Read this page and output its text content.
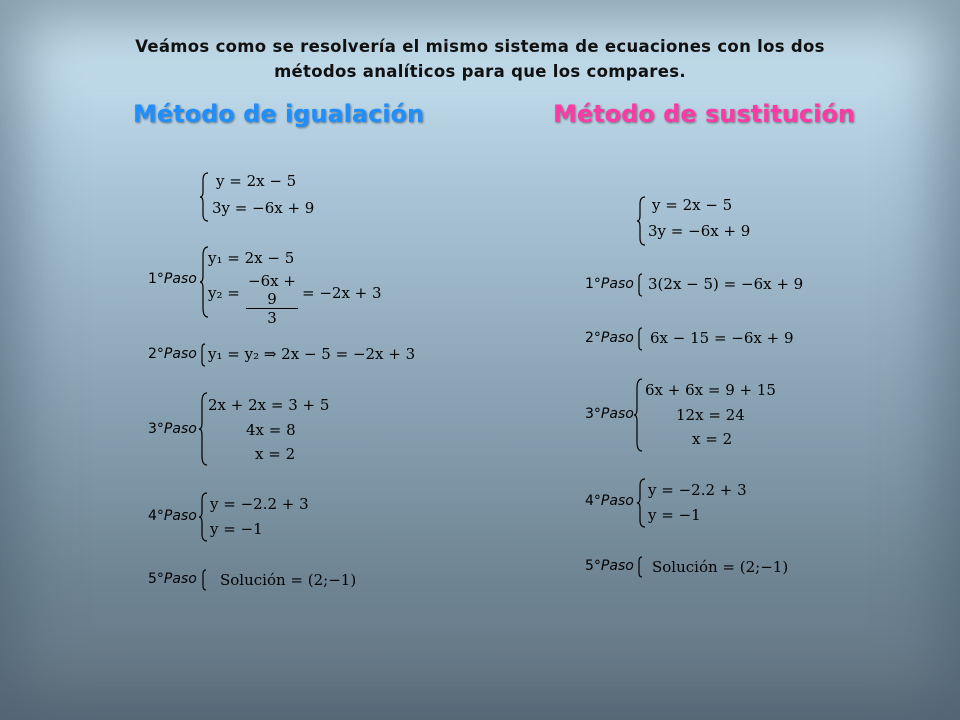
Veámos como se resolvería el mismo sistema de ecuaciones con los dos
métodos analíticos para que los compares.
Método de igualación	Método de sustitución
y = 2x − 5
3y = −6x + 9
1°Paso
y₁ = 2x − 5
$y_2 = \frac{-6x + 9}{3} = -2x + 3$
2°Paso y₁ = y₂ ⇒ 2x − 5 = −2x + 3
3°Paso
2x + 2x = 3 + 5
4x = 8
x = 2
4°Paso
y = −2.2 + 3
y = −1
5°Paso Solución = (2;−1)
y = 2x − 5
3y = −6x + 9
1°Paso 3(2x − 5) = −6x + 9
2°Paso 6x − 15 = −6x + 9
3°Paso
6x + 6x = 9 + 15
12x = 24
x = 2
4°Paso
y = −2.2 + 3
y = −1
5°Paso Solución = (2;−1)
